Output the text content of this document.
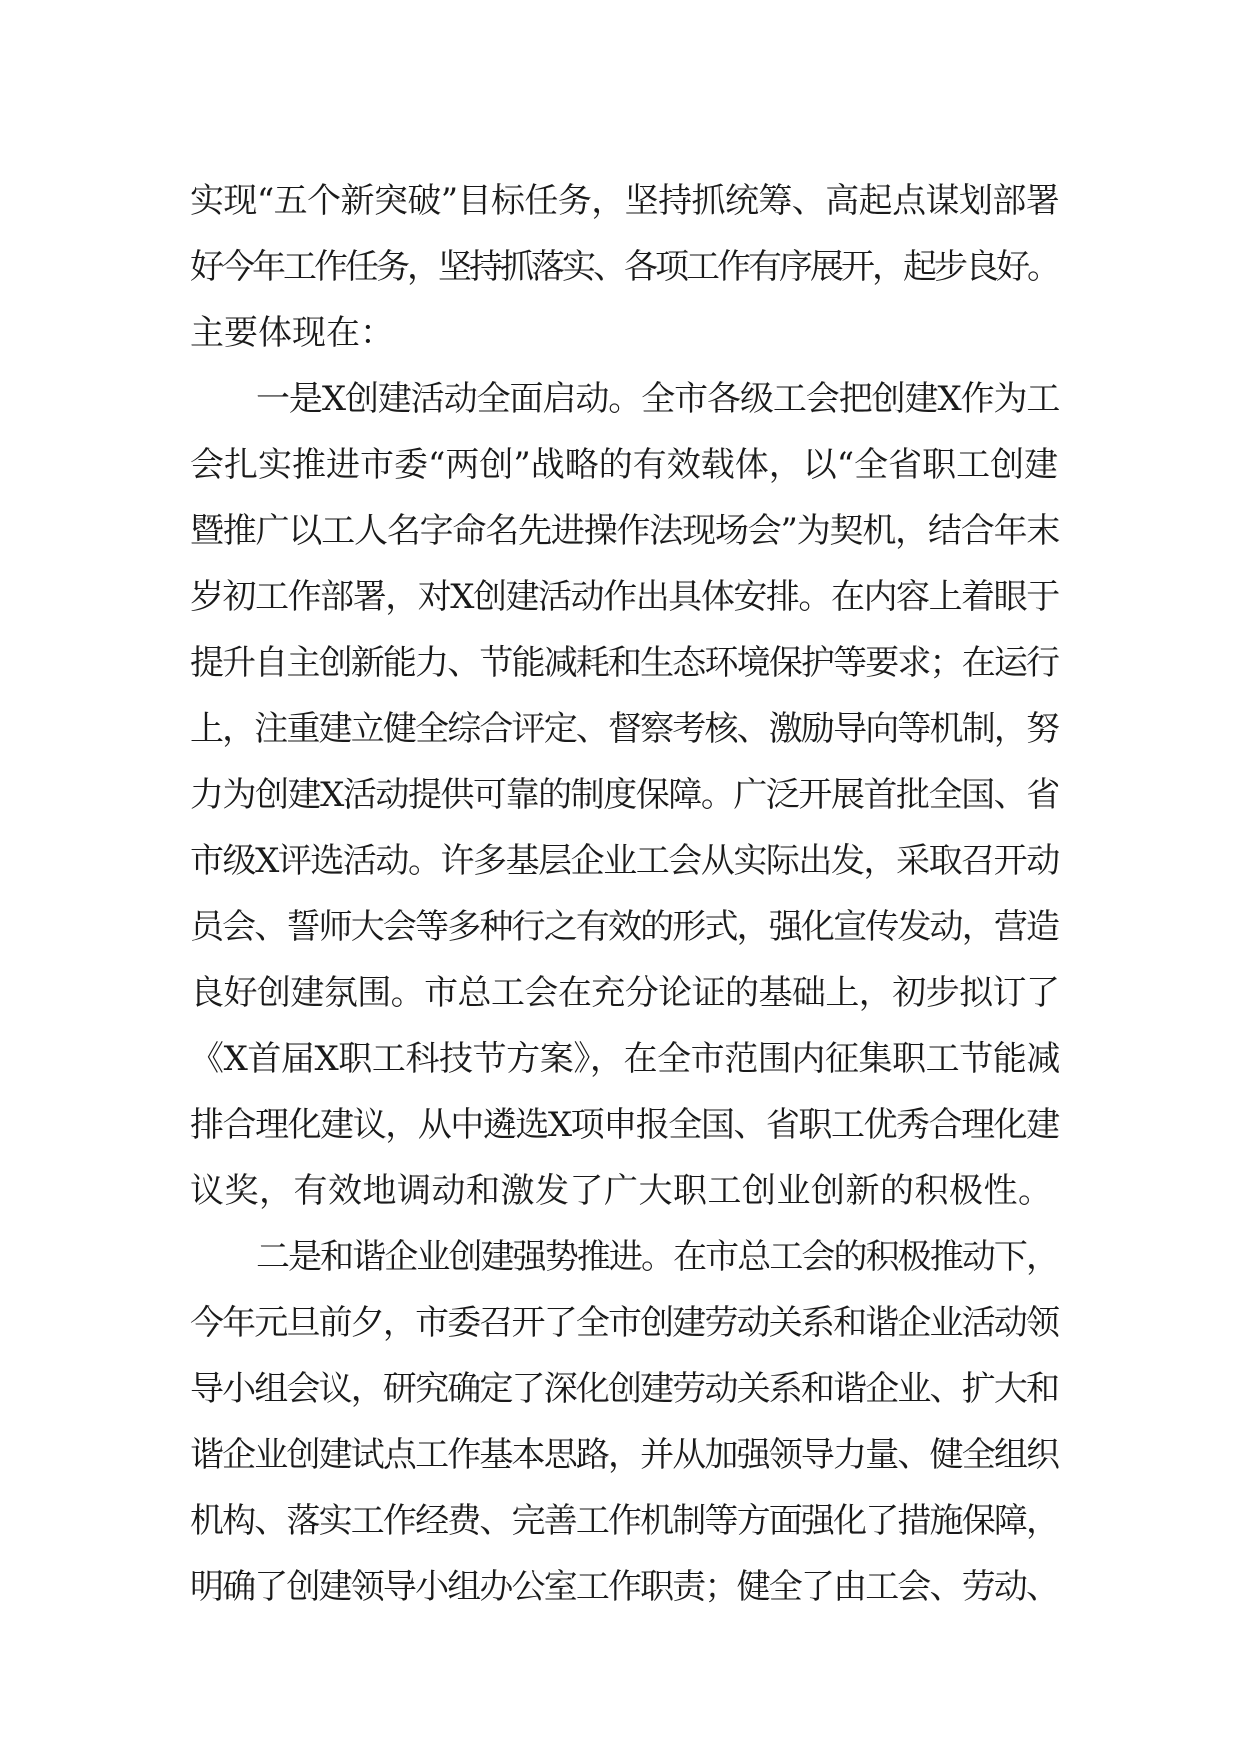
实现“五个新突破”目标任务，坚持抓统筹、高起点谋划部署
好今年工作任务，坚持抓落实、各项工作有序展开，起步良好。
主要体现在：
一是X创建活动全面启动。全市各级工会把创建X作为工
会扎实推进市委“两创”战略的有效载体，以“全省职工创建
暨推广以工人名字命名先进操作法现场会”为契机，结合年末
岁初工作部署，对X创建活动作出具体安排。在内容上着眼于
提升自主创新能力、节能减耗和生态环境保护等要求；在运行
上，注重建立健全综合评定、督察考核、激励导向等机制，努
力为创建X活动提供可靠的制度保障。广泛开展首批全国、省
市级X评选活动。许多基层企业工会从实际出发，采取召开动
员会、誓师大会等多种行之有效的形式，强化宣传发动，营造
良好创建氛围。市总工会在充分论证的基础上，初步拟订了
《X首届X职工科技节方案》，在全市范围内征集职工节能减
排合理化建议，从中遴选X项申报全国、省职工优秀合理化建
议奖，有效地调动和激发了广大职工创业创新的积极性。
二是和谐企业创建强势推进。在市总工会的积极推动下，
今年元旦前夕，市委召开了全市创建劳动关系和谐企业活动领
导小组会议，研究确定了深化创建劳动关系和谐企业、扩大和
谐企业创建试点工作基本思路，并从加强领导力量、健全组织
机构、落实工作经费、完善工作机制等方面强化了措施保障，
明确了创建领导小组办公室工作职责；健全了由工会、劳动、
